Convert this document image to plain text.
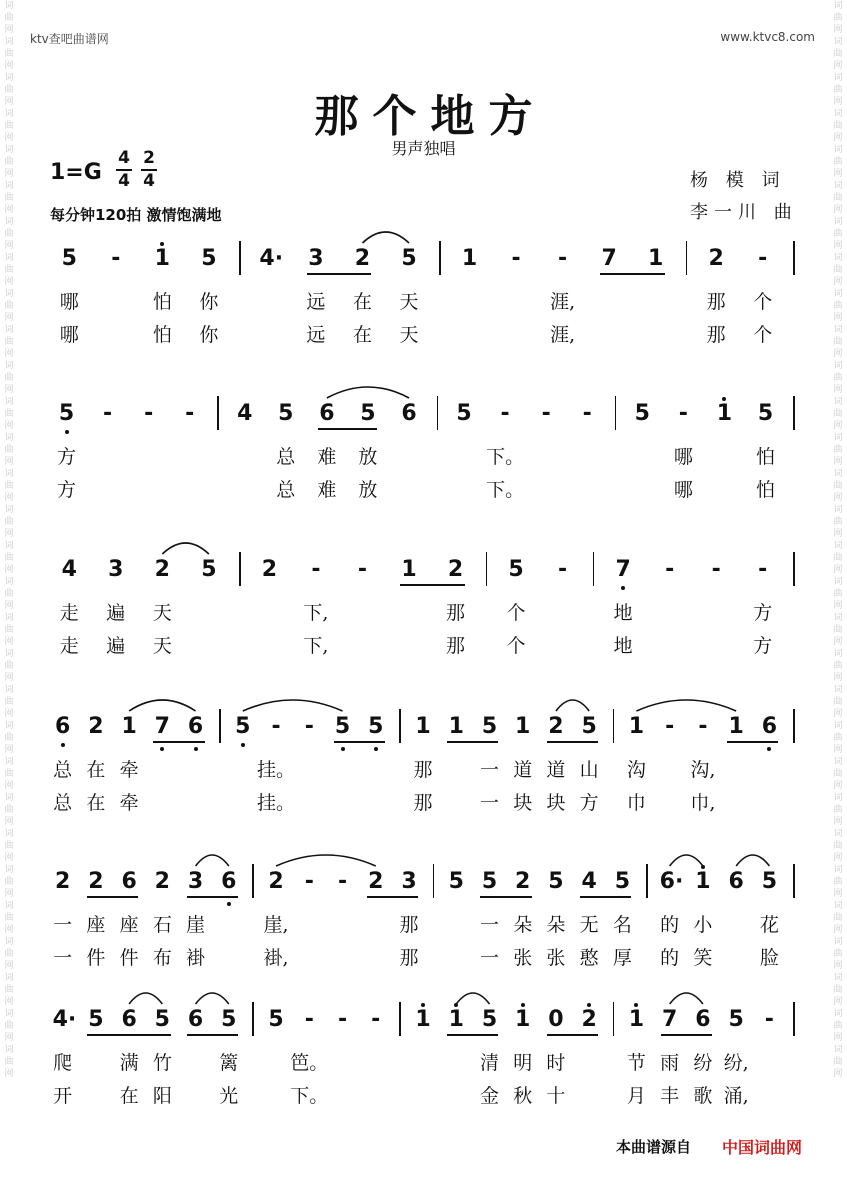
ktv查吧曲谱网	www.ktvc8.com
词曲网词曲网词曲网词曲网词曲网词曲网词曲网词曲网词曲网词曲网词曲网词曲网词曲网词曲网词曲网词曲网词曲网词曲网词曲网词曲网词曲网词曲网词曲网词曲网词曲网词曲网词曲网词曲网词曲网词曲网
词曲网词曲网词曲网词曲网词曲网词曲网词曲网词曲网词曲网词曲网词曲网词曲网词曲网词曲网词曲网词曲网词曲网词曲网词曲网词曲网词曲网词曲网词曲网词曲网词曲网词曲网词曲网词曲网词曲网词曲网
那个地方
男声独唱
1=G
4
4
2
4
每分钟120拍 激情饱满地
杨 模 词
李一川 曲
5 - 1 5 4· 3 2 5 1 - - 7 1 2 -
哪	怕 你	远 在 天	涯,	那 个
哪	怕 你	远 在 天	涯,	那 个
5 - - - 4 5 6 5 6 5 - - - 5 - 1 5
方	总 难 放	下。	哪	怕
方	总 难 放	下。	哪	怕
4 3 2 5 2 - - 1 2 5 - 7 - - -
走 遍 天	下,	那 个	地	方
走 遍 天	下,	那 个	地	方
6 2 1 7 6 5 - - 5 5 1 1 5 1 2 5 1 - - 1 6
总 在 牵	挂。	那 一 道 道 山 沟 沟,
总 在 牵	挂。	那 一 块 块 方 巾 巾,
2 2 6 2 3 6 2 - - 2 3 5 5 2 5 4 5 6· 1 6 5
一 座 座 石 崖	崖,	那	一 朵 朵 无 名 的 小 花
一 件 件 布 褂	褂,	那	一 张 张 憨 厚 的 笑 脸
4· 5 6 5 6 5 5 - - - 1 1 5 1 0 2 1 7 6 5 -
爬 满 竹 篱	笆。	清 明 时	节 雨 纷 纷,
开 在 阳 光	下。	金 秋 十	月 丰 歌 涌,
本曲谱源自 中国词曲网
